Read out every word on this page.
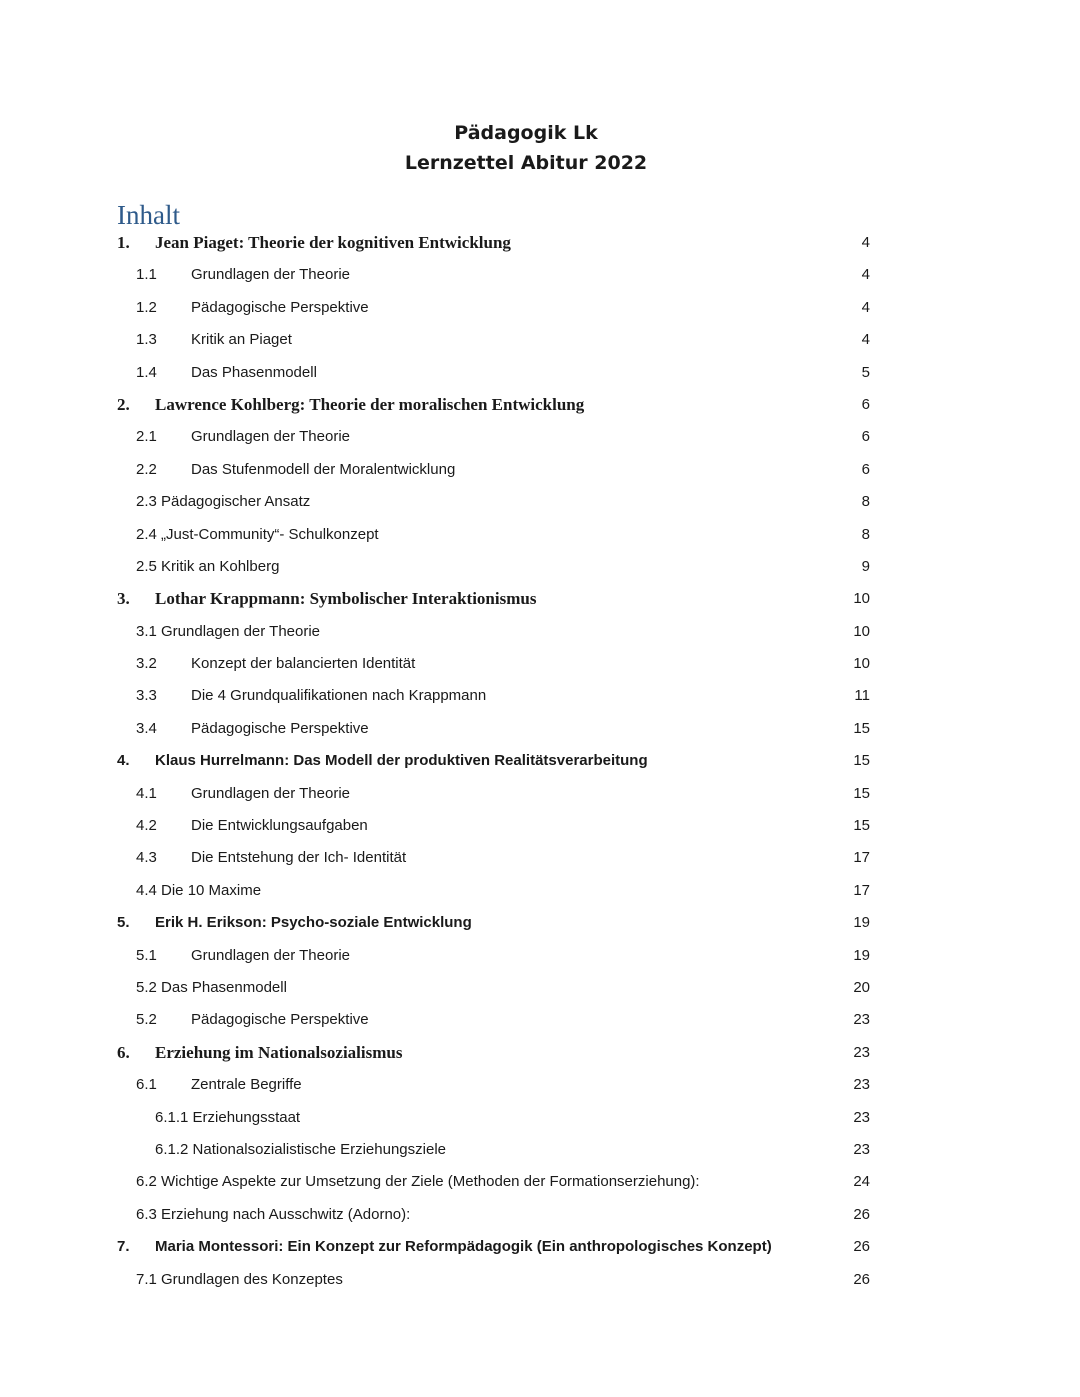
Pädagogik Lk
Lernzettel Abitur 2022
Inhalt
1. Jean Piaget: Theorie der kognitiven Entwicklung	4
1.1 Grundlagen der Theorie	4
1.2 Pädagogische Perspektive	4
1.3 Kritik an Piaget	4
1.4 Das Phasenmodell	5
2. Lawrence Kohlberg: Theorie der moralischen Entwicklung	6
2.1 Grundlagen der Theorie	6
2.2 Das Stufenmodell der Moralentwicklung	6
2.3 Pädagogischer Ansatz	8
2.4 „Just-Community“- Schulkonzept	8
2.5 Kritik an Kohlberg	9
3. Lothar Krappmann: Symbolischer Interaktionismus	10
3.1 Grundlagen der Theorie	10
3.2 Konzept der balancierten Identität	10
3.3 Die 4 Grundqualifikationen nach Krappmann	11
3.4 Pädagogische Perspektive	15
4. Klaus Hurrelmann: Das Modell der produktiven Realitätsverarbeitung	15
4.1 Grundlagen der Theorie	15
4.2 Die Entwicklungsaufgaben	15
4.3 Die Entstehung der Ich- Identität	17
4.4 Die 10 Maxime	17
5. Erik H. Erikson: Psycho-soziale Entwicklung	19
5.1 Grundlagen der Theorie	19
5.2 Das Phasenmodell	20
5.2 Pädagogische Perspektive	23
6. Erziehung im Nationalsozialismus	23
6.1 Zentrale Begriffe	23
6.1.1 Erziehungsstaat	23
6.1.2 Nationalsozialistische Erziehungsziele	23
6.2 Wichtige Aspekte zur Umsetzung der Ziele (Methoden der Formationserziehung):	24
6.3 Erziehung nach Ausschwitz (Adorno):	26
7. Maria Montessori: Ein Konzept zur Reformpädagogik (Ein anthropologisches Konzept)	26
7.1 Grundlagen des Konzeptes	26
